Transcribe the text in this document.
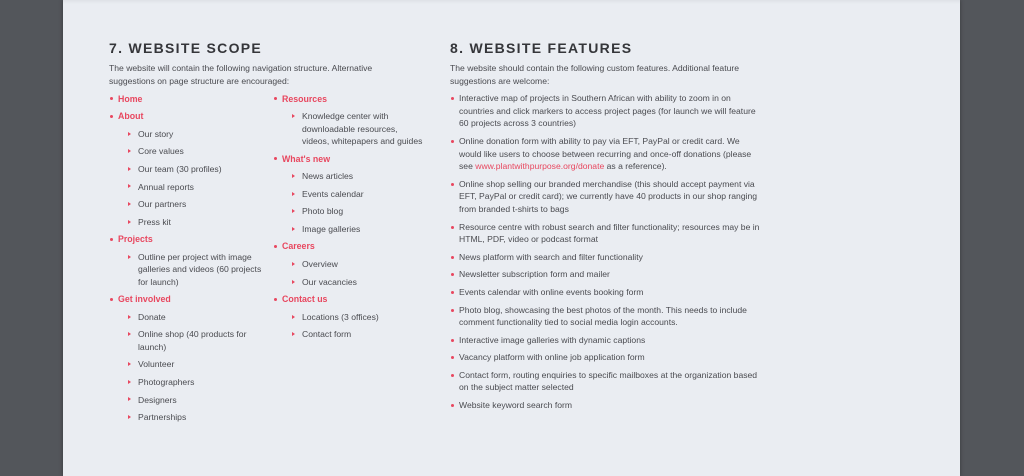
7. WEBSITE SCOPE

The website will contain the following navigation structure. Alternative suggestions on page structure are encouraged:

Home
About
Our story
Core values
Our team (30 profiles)
Annual reports
Our partners
Press kit
Projects
Outline per project with image galleries and videos (60 projects for launch)
Get involved
Donate
Online shop (40 products for launch)
Volunteer
Photographers
Designers
Partnerships
Resources
Knowledge center with downloadable resources, videos, whitepapers and guides
What's new
News articles
Events calendar
Photo blog
Image galleries
Careers
Overview
Our vacancies
Contact us
Locations (3 offices)
Contact form
8. WEBSITE FEATURES

The website should contain the following custom features. Additional feature suggestions are welcome:

Interactive map of projects in Southern African with ability to zoom in on countries and click markers to access project pages (for launch we will feature 60 projects across 3 countries)
Online donation form with ability to pay via EFT, PayPal or credit card. We would like users to choose between recurring and once-off donations (please see www.plantwithpurpose.org/donate as a reference).
Online shop selling our branded merchandise (this should accept payment via EFT, PayPal or credit card); we currently have 40 products in our shop ranging from branded t-shirts to bags
Resource centre with robust search and filter functionality; resources may be in HTML, PDF, video or podcast format
News platform with search and filter functionality
Newsletter subscription form and mailer
Events calendar with online events booking form
Photo blog, showcasing the best photos of the month. This needs to include comment functionality tied to social media login accounts.
Interactive image galleries with dynamic captions
Vacancy platform with online job application form
Contact form, routing enquiries to specific mailboxes at the organization based on the subject matter selected
Website keyword search form
